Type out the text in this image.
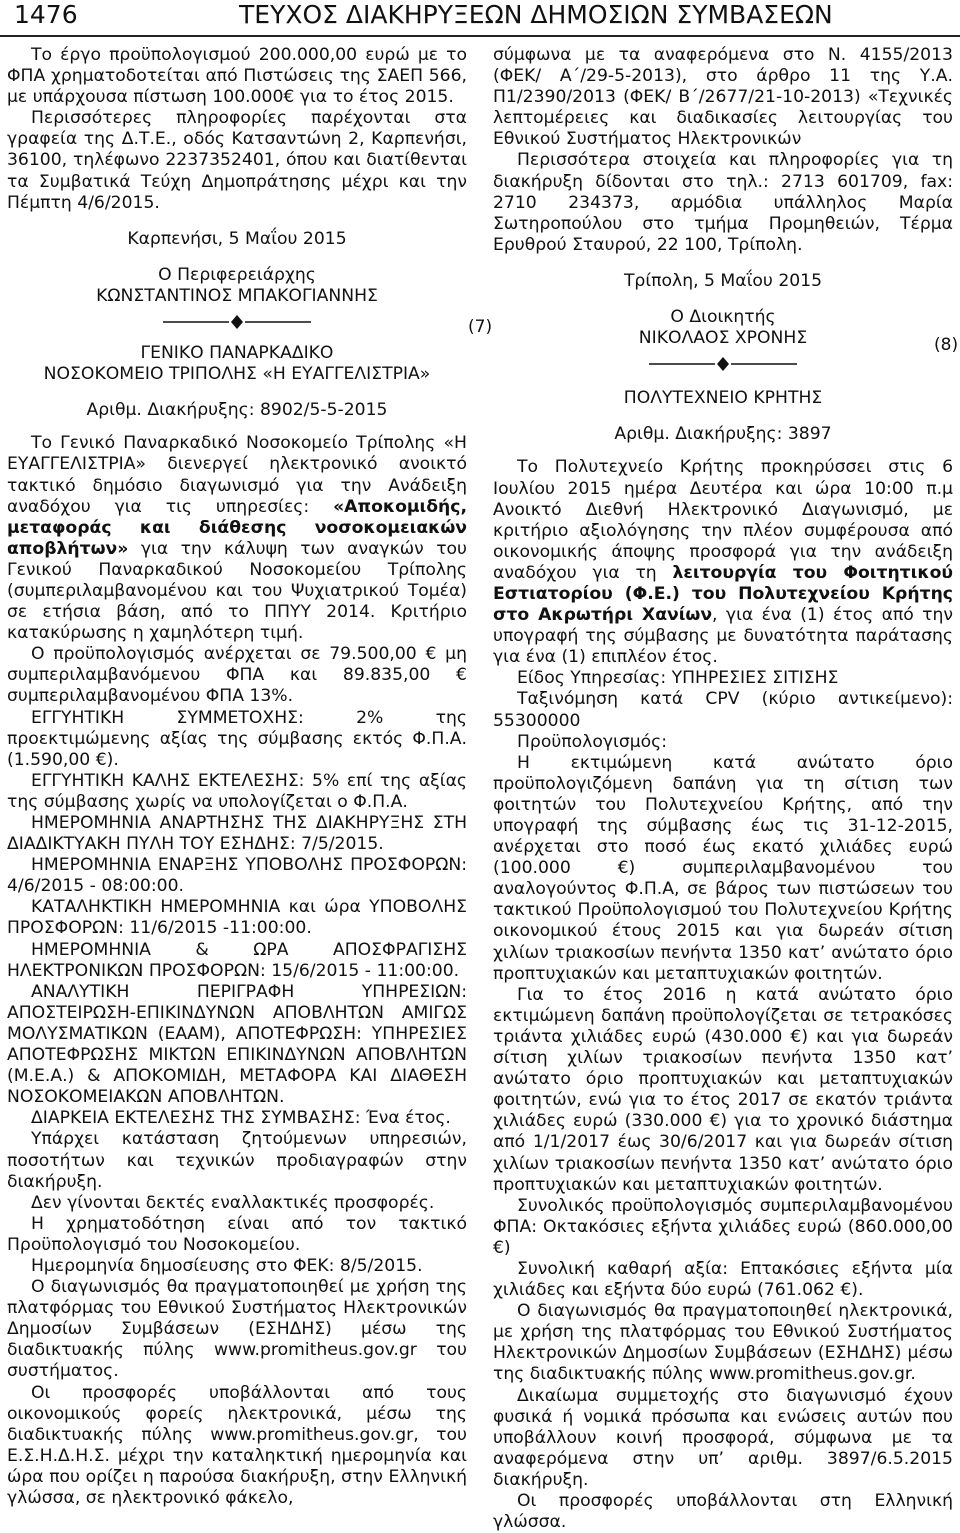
1476	ΤΕΥΧΟΣ ΔΙΑΚΗΡΥΞΕΩΝ ΔΗΜΟΣΙΩΝ ΣΥΜΒΑΣΕΩΝ

Το έργο προϋπολογισμού 200.000,00 ευρώ με το ΦΠΑ χρηματοδοτείται από Πιστώσεις της ΣΑΕΠ 566, με υπάρχουσα πίστωση 100.000€ για το έτος 2015.

Περισσότερες πληροφορίες παρέχονται στα γραφεία της Δ.Τ.Ε., οδός Κατσαντώνη 2, Καρπενήσι, 36100, τηλέφωνο 2237352401, όπου και διατίθενται τα Συμβατικά Τεύχη Δημοπράτησης μέχρι και την Πέμπτη 4/6/2015.

Καρπενήσι, 5 Μαΐου 2015

Ο Περιφερειάρχης

ΚΩΝΣΤΑΝΤΙΝΟΣ ΜΠΑΚΟΓΙΑΝΝΗΣ

ΓΕΝΙΚΟ ΠΑΝΑΡΚΑΔΙΚΟ

ΝΟΣΟΚΟΜΕΙΟ ΤΡΙΠΟΛΗΣ «Η ΕΥΑΓΓΕΛΙΣΤΡΙΑ»

Αριθμ. Διακήρυξης: 8902/5-5-2015

Το Γενικό Παναρκαδικό Νοσοκομείο Τρίπολης «Η ΕΥΑΓΓΕΛΙΣΤΡΙΑ» διενεργεί ηλεκτρονικό ανοικτό τακτικό δημόσιο διαγωνισμό για την Ανάδειξη αναδόχου για τις υπηρεσίες: «Αποκομιδής, μεταφοράς και διάθεσης νοσοκομειακών αποβλήτων» για την κάλυψη των αναγκών του Γενικού Παναρκαδικού Νοσοκομείου Τρίπολης (συμπεριλαμβανομένου και του Ψυχιατρικού Τομέα) σε ετήσια βάση, από το ΠΠΥΥ 2014. Κριτήριο κατακύρωσης η χαμηλότερη τιμή.

Ο προϋπολογισμός ανέρχεται σε 79.500,00 € μη συμπεριλαμβανόμενου ΦΠΑ και 89.835,00 € συμπεριλαμβανομένου ΦΠΑ 13%.

ΕΓΓΥΗΤΙΚΗ ΣΥΜΜΕΤΟΧΗΣ: 2% της προεκτιμώμενης αξίας της σύμβασης εκτός Φ.Π.Α. (1.590,00 €).

ΕΓΓΥΗΤΙΚΗ ΚΑΛΗΣ ΕΚΤΕΛΕΣΗΣ: 5% επί της αξίας της σύμβασης χωρίς να υπολογίζεται ο Φ.Π.Α.

ΗΜΕΡΟΜΗΝΙΑ ΑΝΑΡΤΗΣΗΣ ΤΗΣ ΔΙΑΚΗΡΥΞΗΣ ΣΤΗ ΔΙΑΔΙΚΤΥΑΚΗ ΠΥΛΗ ΤΟΥ ΕΣΗΔΗΣ: 7/5/2015.

ΗΜΕΡΟΜΗΝΙΑ ΕΝΑΡΞΗΣ ΥΠΟΒΟΛΗΣ ΠΡΟΣΦΟΡΩΝ: 4/6/2015 - 08:00:00.

ΚΑΤΑΛΗΚΤΙΚΗ ΗΜΕΡΟΜΗΝΙΑ και ώρα ΥΠΟΒΟΛΗΣ ΠΡΟΣΦΟΡΩΝ: 11/6/2015 -11:00:00.

ΗΜΕΡΟΜΗΝΙΑ & ΩΡΑ ΑΠΟΣΦΡΑΓΙΣΗΣ ΗΛΕΚΤΡΟΝΙΚΩΝ ΠΡΟΣΦΟΡΩΝ: 15/6/2015 - 11:00:00.

ΑΝΑΛΥΤΙΚΗ ΠΕΡΙΓΡΑΦΗ ΥΠΗΡΕΣΙΩΝ: ΑΠΟΣΤΕΙΡΩΣΗ-ΕΠΙΚΙΝΔΥΝΩΝ ΑΠΟΒΛΗΤΩΝ ΑΜΙΓΩΣ ΜΟΛΥΣΜΑΤΙΚΩΝ (ΕΑΑΜ), ΑΠΟΤΕΦΡΩΣΗ: ΥΠΗΡΕΣΙΕΣ ΑΠΟΤΕΦΡΩΣΗΣ ΜΙΚΤΩΝ ΕΠΙΚΙΝΔΥΝΩΝ ΑΠΟΒΛΗΤΩΝ (Μ.Ε.Α.) & ΑΠΟΚΟΜΙΔΗ, ΜΕΤΑΦΟΡΑ ΚΑΙ ΔΙΑΘΕΣΗ ΝΟΣΟΚΟΜΕΙΑΚΩΝ ΑΠΟΒΛΗΤΩΝ.

ΔΙΑΡΚΕΙΑ ΕΚΤΕΛΕΣΗΣ ΤΗΣ ΣΥΜΒΑΣΗΣ: Ένα έτος.

Υπάρχει κατάσταση ζητούμενων υπηρεσιών, ποσοτήτων και τεχνικών προδιαγραφών στην διακήρυξη.

Δεν γίνονται δεκτές εναλλακτικές προσφορές.

Η χρηματοδότηση είναι από τον τακτικό Προϋπολογισμό του Νοσοκομείου.

Ημερομηνία δημοσίευσης στο ΦΕΚ: 8/5/2015.

Ο διαγωνισμός θα πραγματοποιηθεί με χρήση της πλατφόρμας του Εθνικού Συστήματος Ηλεκτρονικών Δημοσίων Συμβάσεων (ΕΣΗΔΗΣ) μέσω της διαδικτυακής πύλης www.promitheus.gov.gr του συστήματος.

Οι προσφορές υποβάλλονται από τους οικονομικούς φορείς ηλεκτρονικά, μέσω της διαδικτυακής πύλης www.promitheus.gov.gr, του Ε.Σ.Η.Δ.Η.Σ. μέχρι την καταληκτική ημερομηνία και ώρα που ορίζει η παρούσα διακήρυξη, στην Ελληνική γλώσσα, σε ηλεκτρονικό φάκελο,

(7)

σύμφωνα με τα αναφερόμενα στο Ν. 4155/2013 (ΦΕΚ/ Α΄/29-5-2013), στο άρθρο 11 της Υ.Α. Π1/2390/2013 (ΦΕΚ/ Β΄/2677/21-10-2013) «Τεχνικές λεπτομέρειες και διαδικασίες λειτουργίας του Εθνικού Συστήματος Ηλεκτρονικών

Περισσότερα στοιχεία και πληροφορίες για τη διακήρυξη δίδονται στο τηλ.: 2713 601709, fax: 2710 234373, αρμόδια υπάλληλος Μαρία Σωτηροπούλου στο τμήμα Προμηθειών, Τέρμα Ερυθρού Σταυρού, 22 100, Τρίπολη.

Τρίπολη, 5 Μαΐου 2015

Ο Διοικητής

ΝΙΚΟΛΑΟΣ ΧΡΟΝΗΣ

ΠΟΛΥΤΕΧΝΕΙΟ ΚΡΗΤΗΣ

Αριθμ. Διακήρυξης: 3897

Το Πολυτεχνείο Κρήτης προκηρύσσει στις 6 Ιουλίου 2015 ημέρα Δευτέρα και ώρα 10:00 π.μ Ανοικτό Διεθνή Ηλεκτρονικό Διαγωνισμό, με κριτήριο αξιολόγησης την πλέον συμφέρουσα από οικονομικής άποψης προσφορά για την ανάδειξη αναδόχου για τη λειτουργία του Φοιτητικού Εστιατορίου (Φ.Ε.) του Πολυτεχνείου Κρήτης στο Ακρωτήρι Χανίων, για ένα (1) έτος από την υπογραφή της σύμβασης με δυνατότητα παράτασης για ένα (1) επιπλέον έτος.

Είδος Υπηρεσίας: ΥΠΗΡΕΣΙΕΣ ΣΙΤΙΣΗΣ

Ταξινόμηση κατά CPV (κύριο αντικείμενο): 55300000

Προϋπολογισμός:

Η εκτιμώμενη κατά ανώτατο όριο προϋπολογιζόμενη δαπάνη για τη σίτιση των φοιτητών του Πολυτεχνείου Κρήτης, από την υπογραφή της σύμβασης έως τις 31-12-2015, ανέρχεται στο ποσό έως εκατό χιλιάδες ευρώ (100.000 €) συμπεριλαμβανομένου του αναλογούντος Φ.Π.Α, σε βάρος των πιστώσεων του τακτικού Προϋπολογισμού του Πολυτεχνείου Κρήτης οικονομικού έτους 2015 και για δωρεάν σίτιση χιλίων τριακοσίων πενήντα 1350 κατ’ ανώτατο όριο προπτυχιακών και μεταπτυχιακών φοιτητών.

Για το έτος 2016 η κατά ανώτατο όριο εκτιμώμενη δαπάνη προϋπολογίζεται σε τετρακόσες τριάντα χιλιάδες ευρώ (430.000 €) και για δωρεάν σίτιση χιλίων τριακοσίων πενήντα 1350 κατ’ ανώτατο όριο προπτυχιακών και μεταπτυχιακών φοιτητών, ενώ για το έτος 2017 σε εκατόν τριάντα χιλιάδες ευρώ (330.000 €) για το χρονικό διάστημα από 1/1/2017 έως 30/6/2017 και για δωρεάν σίτιση χιλίων τριακοσίων πενήντα 1350 κατ’ ανώτατο όριο προπτυχιακών και μεταπτυχιακών φοιτητών.

Συνολικός προϋπολογισμός συμπεριλαμβανομένου ΦΠΑ: Οκτακόσιες εξήντα χιλιάδες ευρώ (860.000,00 €)

Συνολική καθαρή αξία: Επτακόσιες εξήντα μία χιλιάδες και εξήντα δύο ευρώ (761.062 €).

Ο διαγωνισμός θα πραγματοποιηθεί ηλεκτρονικά, με χρήση της πλατφόρμας του Εθνικού Συστήματος Ηλεκτρονικών Δημοσίων Συμβάσεων (ΕΣΗΔΗΣ) μέσω της διαδικτυακής πύλης www.promitheus.gov.gr.

Δικαίωμα συμμετοχής στο διαγωνισμό έχουν φυσικά ή νομικά πρόσωπα και ενώσεις αυτών που υποβάλλουν κοινή προσφορά, σύμφωνα με τα αναφερόμενα στην υπ’ αριθμ. 3897/6.5.2015 διακήρυξη.

Οι προσφορές υποβάλλονται στη Ελληνική γλώσσα.

(8)
